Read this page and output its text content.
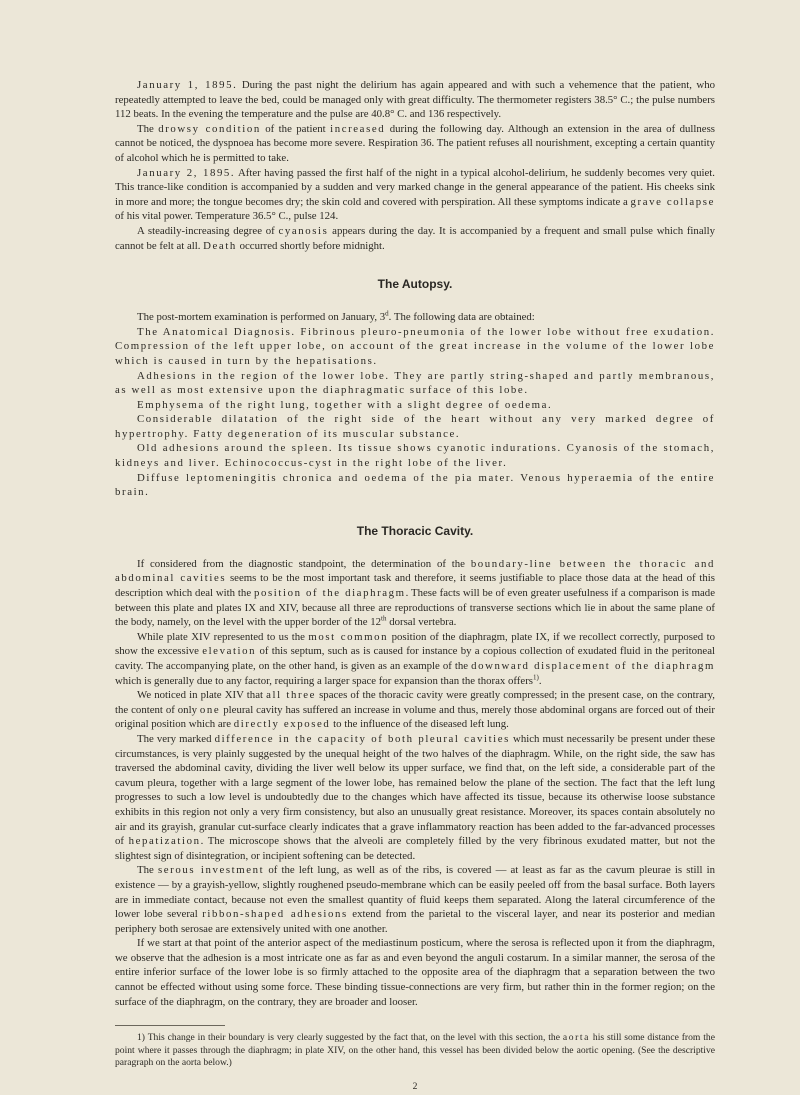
January 1, 1895. During the past night the delirium has again appeared and with such a vehemence that the patient, who repeatedly attempted to leave the bed, could be managed only with great difficulty. The thermometer registers 38.5° C.; the pulse numbers 112 beats. In the evening the temperature and the pulse are 40.8° C. and 136 respectively.

The drowsy condition of the patient increased during the following day. Although an extension in the area of dullness cannot be noticed, the dyspnoea has become more severe. Respiration 36. The patient refuses all nourishment, excepting a certain quantity of alcohol which he is permitted to take.

January 2, 1895. After having passed the first half of the night in a typical alcohol-delirium, he suddenly becomes very quiet. This trance-like condition is accompanied by a sudden and very marked change in the general appearance of the patient. His cheeks sink in more and more; the tongue becomes dry; the skin cold and covered with perspiration. All these symptoms indicate a grave collapse of his vital power. Temperature 36.5° C., pulse 124.

A steadily-increasing degree of cyanosis appears during the day. It is accompanied by a frequent and small pulse which finally cannot be felt at all. Death occurred shortly before midnight.

The Autopsy.

The post-mortem examination is performed on January, 3$^d$. The following data are obtained:

The Anatomical Diagnosis. Fibrinous pleuro-pneumonia of the lower lobe without free exudation. Compression of the left upper lobe, on account of the great increase in the volume of the lower lobe which is caused in turn by the hepatisations.

Adhesions in the region of the lower lobe. They are partly string-shaped and partly membranous, as well as most extensive upon the diaphragmatic surface of this lobe.

Emphysema of the right lung, together with a slight degree of oedema.

Considerable dilatation of the right side of the heart without any very marked degree of hypertrophy. Fatty degeneration of its muscular substance.

Old adhesions around the spleen. Its tissue shows cyanotic indurations. Cyanosis of the stomach, kidneys and liver. Echinococcus-cyst in the right lobe of the liver.

Diffuse leptomeningitis chronica and oedema of the pia mater. Venous hyperaemia of the entire brain.

The Thoracic Cavity.

If considered from the diagnostic standpoint, the determination of the boundary-line between the thoracic and abdominal cavities seems to be the most important task and therefore, it seems justifiable to place those data at the head of this description which deal with the position of the diaphragm. These facts will be of even greater usefulness if a comparison is made between this plate and plates IX and XIV, because all three are reproductions of transverse sections which lie in about the same plane of the body, namely, on the level with the upper border of the 12th dorsal vertebra.

While plate XIV represented to us the most common position of the diaphragm, plate IX, if we recollect correctly, purposed to show the excessive elevation of this septum, such as is caused for instance by a copious collection of exudated fluid in the peritoneal cavity. The accompanying plate, on the other hand, is given as an example of the downward displacement of the diaphragm which is generally due to any factor, requiring a larger space for expansion than the thorax offers$^{1)}$.

We noticed in plate XIV that all three spaces of the thoracic cavity were greatly compressed; in the present case, on the contrary, the content of only one pleural cavity has suffered an increase in volume and thus, merely those abdominal organs are forced out of their original position which are directly exposed to the influence of the diseased left lung.

The very marked difference in the capacity of both pleural cavities which must necessarily be present under these circumstances, is very plainly suggested by the unequal height of the two halves of the diaphragm. While, on the right side, the saw has traversed the abdominal cavity, dividing the liver well below its upper surface, we find that, on the left side, a considerable part of the cavum pleura, together with a large segment of the lower lobe, has remained below the plane of the section. The fact that the left lung progresses to such a low level is undoubtedly due to the changes which have affected its tissue, because its otherwise loose substance exhibits in this region not only a very firm consistency, but also an unusually great resistance. Moreover, its spaces contain absolutely no air and its grayish, granular cut-surface clearly indicates that a grave inflammatory reaction has been added to the far-advanced processes of hepatization. The microscope shows that the alveoli are completely filled by the very fibrinous exudated matter, but not the slightest sign of disintegration, or incipient softening can be detected.

The serous investment of the left lung, as well as of the ribs, is covered — at least as far as the cavum pleurae is still in existence — by a grayish-yellow, slightly roughened pseudo-membrane which can be easily peeled off from the basal surface. Both layers are in immediate contact, because not even the smallest quantity of fluid keeps them separated. Along the lateral circumference of the lower lobe several ribbon-shaped adhesions extend from the parietal to the visceral layer, and near its posterior and median periphery both serosae are extensively united with one another.

If we start at that point of the anterior aspect of the mediastinum posticum, where the serosa is reflected upon it from the diaphragm, we observe that the adhesion is a most intricate one as far as and even beyond the anguli costarum. In a similar manner, the serosa of the entire inferior surface of the lower lobe is so firmly attached to the opposite area of the diaphragm that a separation between the two cannot be effected without using some force. These binding tissue-connections are very firm, but rather thin in the former region; on the surface of the diaphragm, on the contrary, they are broader and looser.

1) This change in their boundary is very clearly suggested by the fact that, on the level with this section, the aorta his still some distance from the point where it passes through the diaphragm; in plate XIV, on the other hand, this vessel has been divided below the aortic opening. (See the descriptive paragraph on the aorta below.)
2
